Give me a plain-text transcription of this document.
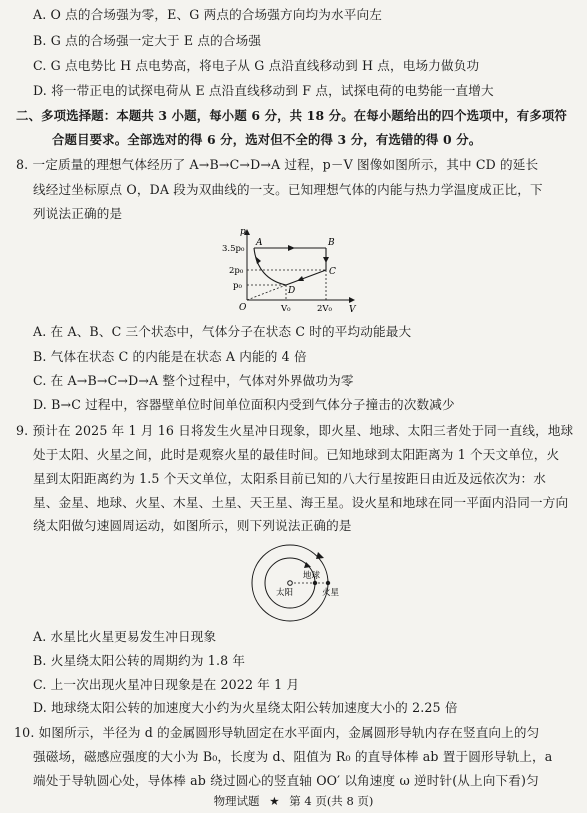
A. O 点的合场强为零，E、G 两点的合场强方向均为水平向左
B. G 点的合场强一定大于 E 点的合场强
C. G 点电势比 H 点电势高，将电子从 G 点沿直线移动到 H 点，电场力做负功
D. 将一带正电的试探电荷从 E 点沿直线移动到 F 点，试探电荷的电势能一直增大
二、多项选择题：本题共 3 小题，每小题 6 分，共 18 分。在每小题给出的四个选项中，有多项符
合题目要求。全部选对的得 6 分，选对但不全的得 3 分，有选错的得 0 分。
8. 一定质量的理想气体经历了 A→B→C→D→A 过程，p－V 图像如图所示，其中 CD 的延长
线经过坐标原点 O，DA 段为双曲线的一支。已知理想气体的内能与热力学温度成正比，下
列说法正确的是
p
V
O
3.5p₀
2p₀
p₀
V₀	2V₀
A	B
C
D
A. 在 A、B、C 三个状态中，气体分子在状态 C 时的平均动能最大
B. 气体在状态 C 的内能是在状态 A 内能的 4 倍
C. 在 A→B→C→D→A 整个过程中，气体对外界做功为零
D. B→C 过程中，容器壁单位时间单位面积内受到气体分子撞击的次数减少
9. 预计在 2025 年 1 月 16 日将发生火星冲日现象，即火星、地球、太阳三者处于同一直线，地球
处于太阳、火星之间，此时是观察火星的最佳时间。已知地球到太阳距离为 1 个天文单位，火
星到太阳距离约为 1.5 个天文单位，太阳系目前已知的八大行星按距日由近及远依次为：水
星、金星、地球、火星、木星、土星、天王星、海王星。设火星和地球在同一平面内沿同一方向
绕太阳做匀速圆周运动，如图所示，则下列说法正确的是
太阳
地球
火星
A. 水星比火星更易发生冲日现象
B. 火星绕太阳公转的周期约为 1.8 年
C. 上一次出现火星冲日现象是在 2022 年 1 月
D. 地球绕太阳公转的加速度大小约为火星绕太阳公转加速度大小的 2.25 倍
10. 如图所示，半径为 d 的金属圆形导轨固定在水平面内，金属圆形导轨内存在竖直向上的匀
强磁场，磁感应强度的大小为 B₀，长度为 d、阻值为 R₀ 的直导体棒 ab 置于圆形导轨上，a
端处于导轨圆心处，导体棒 ab 绕过圆心的竖直轴 OO′ 以角速度 ω 逆时针(从上向下看)匀
物理试题 ★ 第 4 页(共 8 页)
